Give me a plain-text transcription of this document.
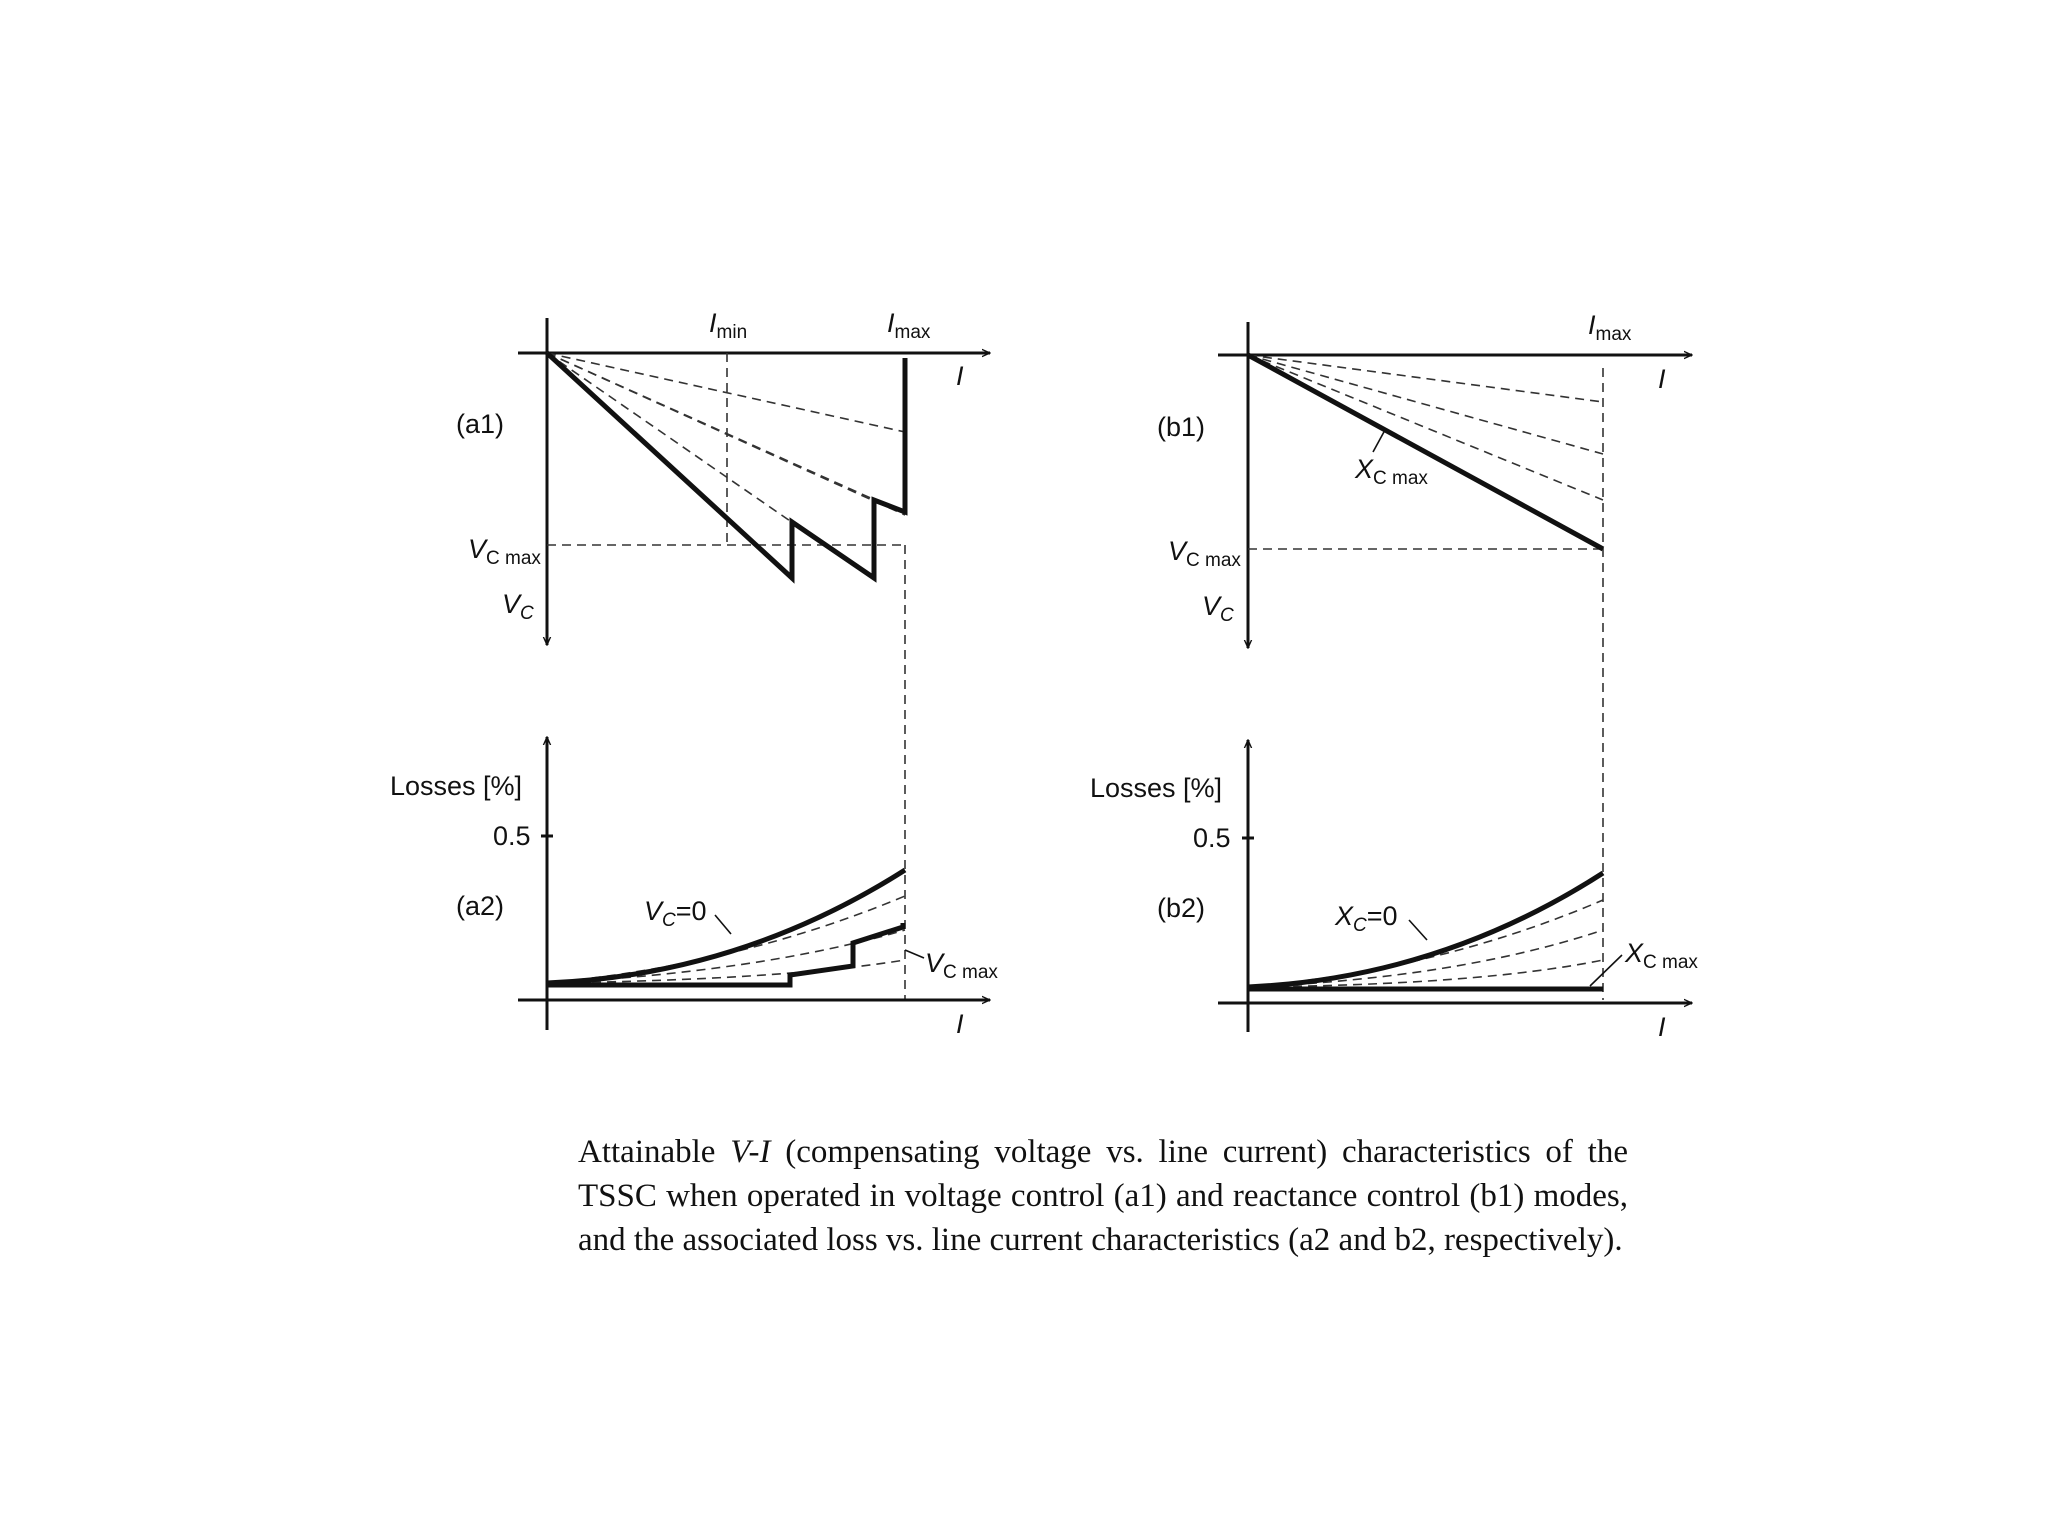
(a1)
$I_{min}$	$I_{max}$
I
$V_{C max}$
$V_C$
(b1)
$I_{max}$
I
$X_{C max}$
$V_{C max}$
$V_C$
Losses [%]
0.5
(a2)	$V_C=0$
$V_{C max}$
I
Losses [%]
0.5
(b2)	$X_C=0$
$X_{C max}$
I

Attainable V-I (compensating voltage vs. line current) characteristics of the TSSC when operated in voltage control (a1) and reactance control (b1) modes, and the associated loss vs. line current characteristics (a2 and b2, respectively).
